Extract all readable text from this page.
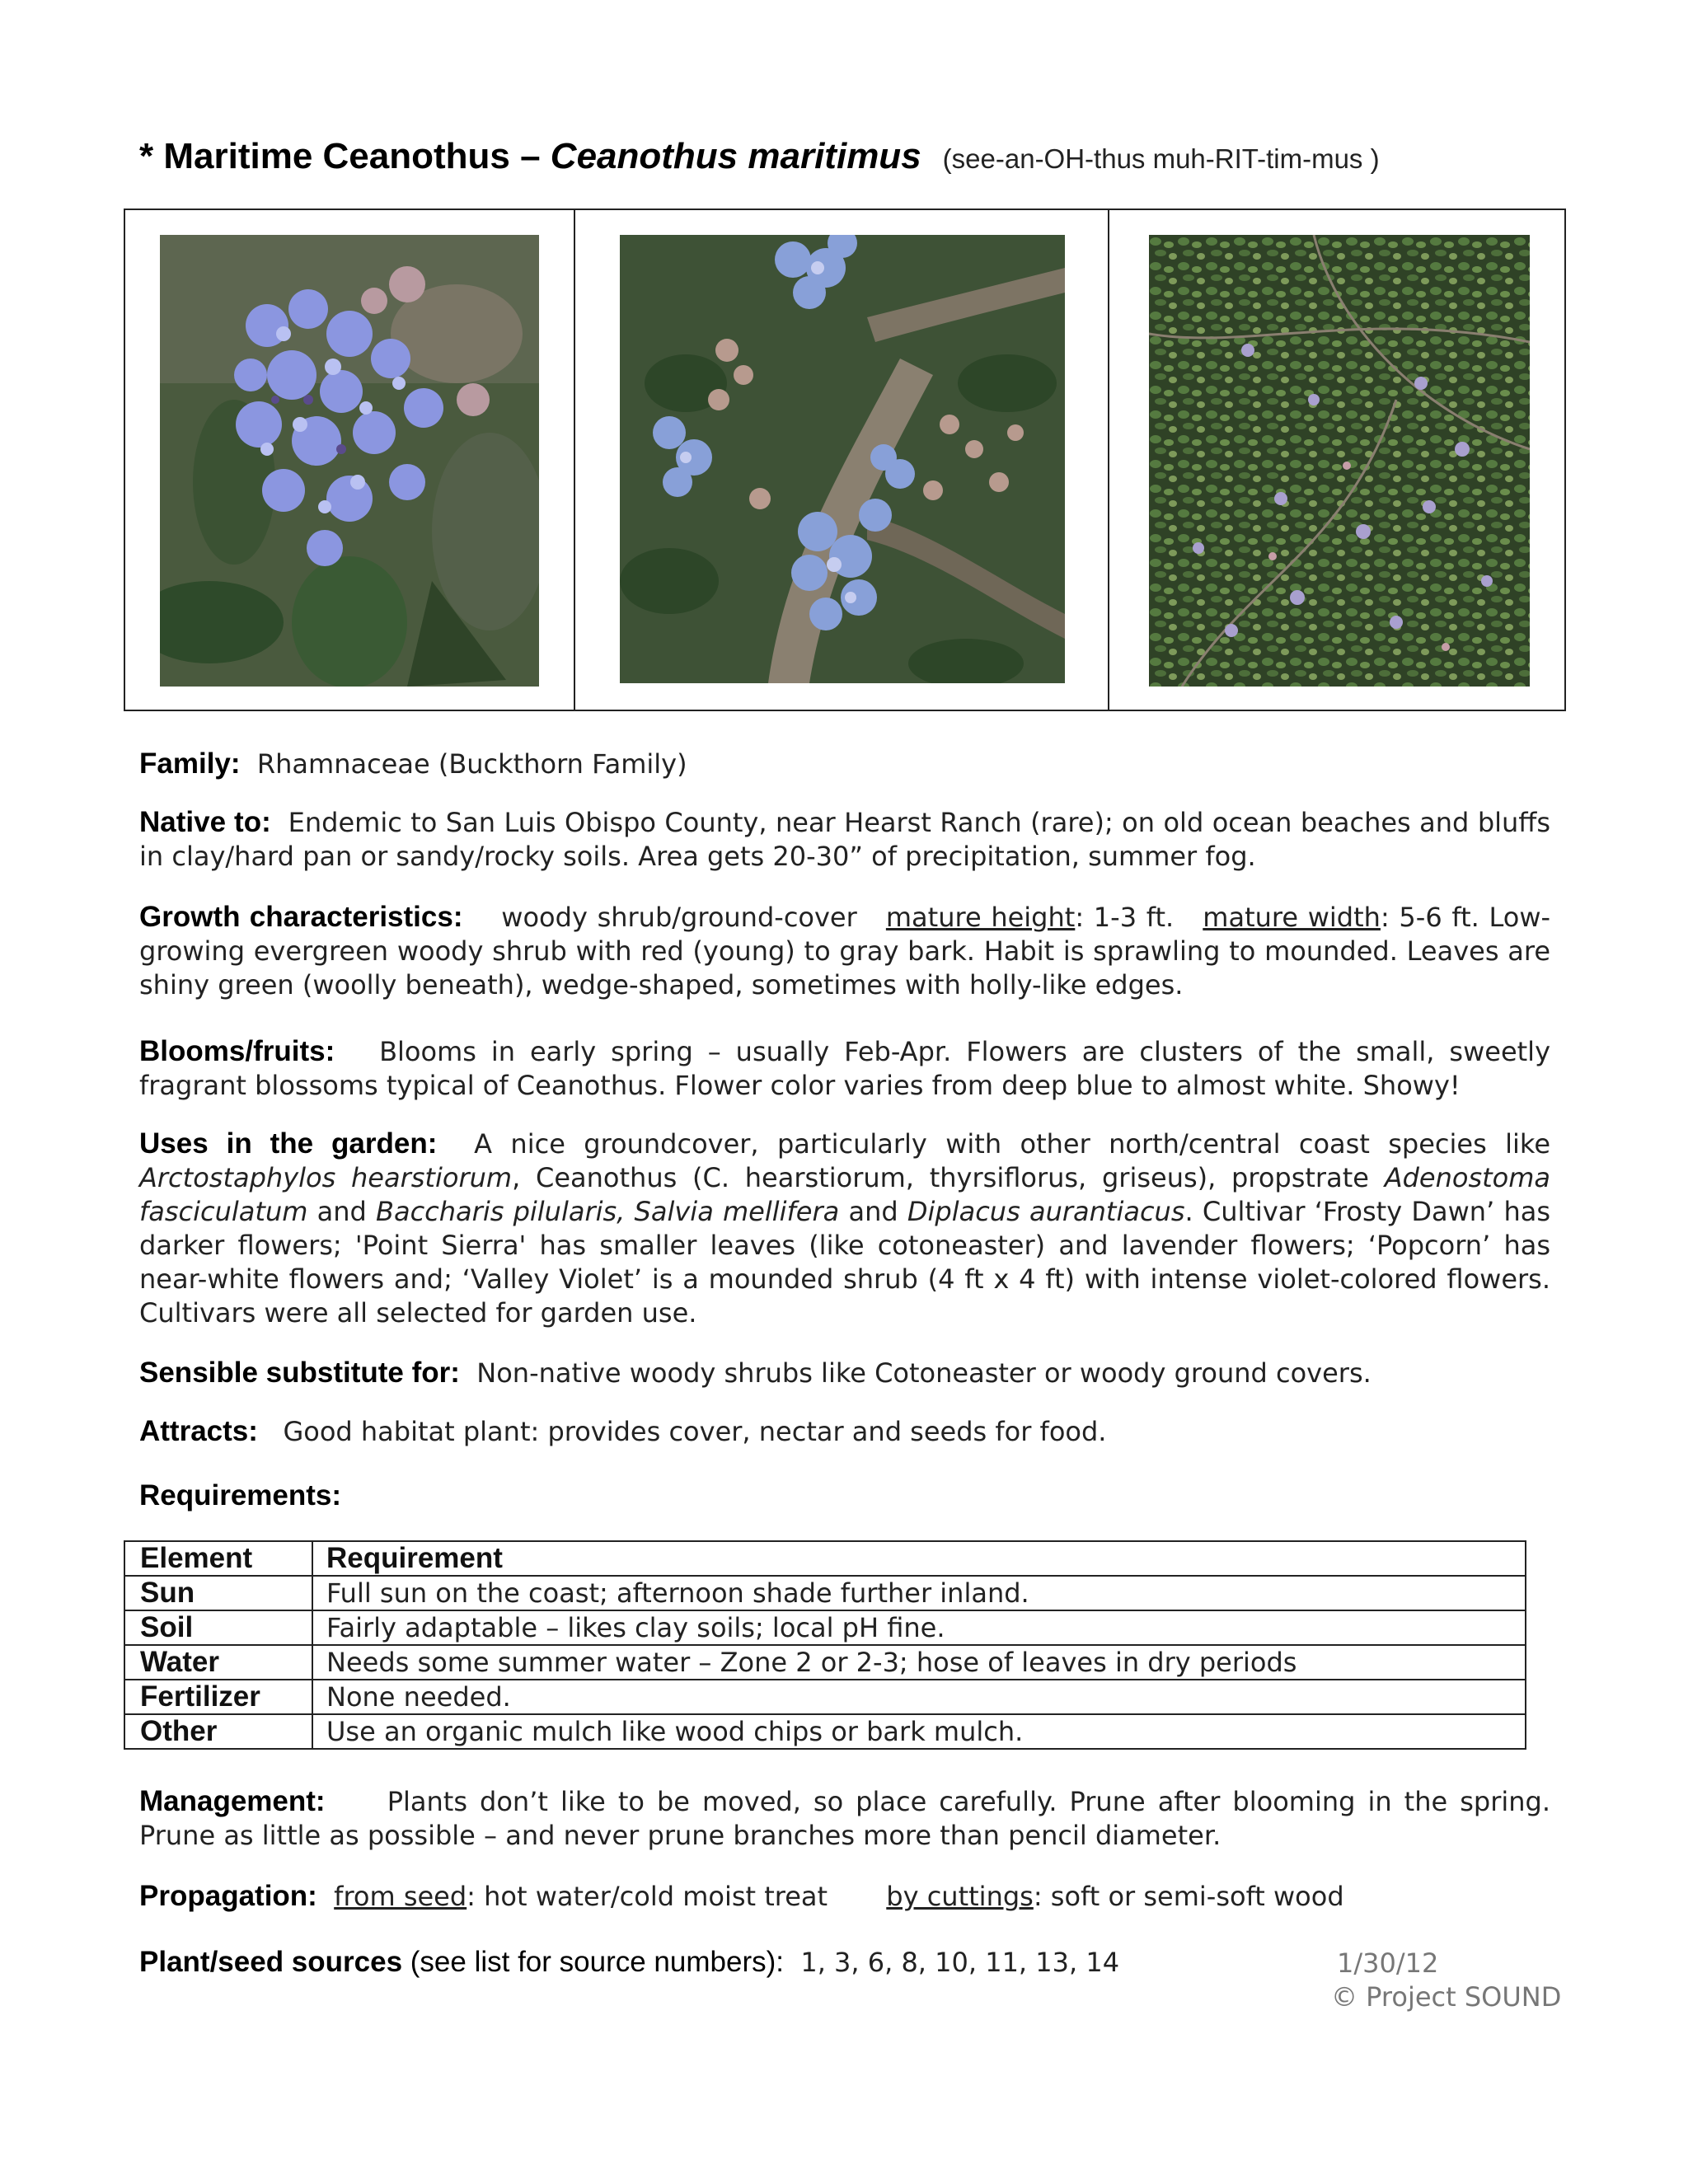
* Maritime Ceanothus – Ceanothus maritimus (see-an-OH-thus muh-RIT-tim-mus )
Family: Rhamnaceae (Buckthorn Family)
Native to: Endemic to San Luis Obispo County, near Hearst Ranch (rare); on old ocean beaches and bluffs in clay/hard pan or sandy/rocky soils. Area gets 20-30” of precipitation, summer fog.
Growth characteristics: woody shrub/ground-cover mature height: 1-3 ft. mature width: 5-6 ft. Low-growing evergreen woody shrub with red (young) to gray bark. Habit is sprawling to mounded. Leaves are shiny green (woolly beneath), wedge-shaped, sometimes with holly-like edges.
Blooms/fruits: Blooms in early spring – usually Feb-Apr. Flowers are clusters of the small, sweetly fragrant blossoms typical of Ceanothus. Flower color varies from deep blue to almost white. Showy!
Uses in the garden: A nice groundcover, particularly with other north/central coast species like Arctostaphylos hearstiorum, Ceanothus (C. hearstiorum, thyrsiflorus, griseus), propstrate Adenostoma fasciculatum and Baccharis pilularis, Salvia mellifera and Diplacus aurantiacus. Cultivar ‘Frosty Dawn’ has darker flowers; 'Point Sierra' has smaller leaves (like cotoneaster) and lavender flowers; ‘Popcorn’ has near-white flowers and; ‘Valley Violet’ is a mounded shrub (4 ft x 4 ft) with intense violet-colored flowers. Cultivars were all selected for garden use.
Sensible substitute for: Non-native woody shrubs like Cotoneaster or woody ground covers.
Attracts: Good habitat plant: provides cover, nectar and seeds for food.
Requirements:
Element	Requirement
Sun	Full sun on the coast; afternoon shade further inland.
Soil	Fairly adaptable – likes clay soils; local pH fine.
Water	Needs some summer water – Zone 2 or 2-3; hose of leaves in dry periods
Fertilizer	None needed.
Other	Use an organic mulch like wood chips or bark mulch.
Management: Plants don’t like to be moved, so place carefully. Prune after blooming in the spring. Prune as little as possible – and never prune branches more than pencil diameter.
Propagation: from seed: hot water/cold moist treat by cuttings: soft or semi-soft wood
Plant/seed sources (see list for source numbers): 1, 3, 6, 8, 10, 11, 13, 14	1/30/12
© Project SOUND
